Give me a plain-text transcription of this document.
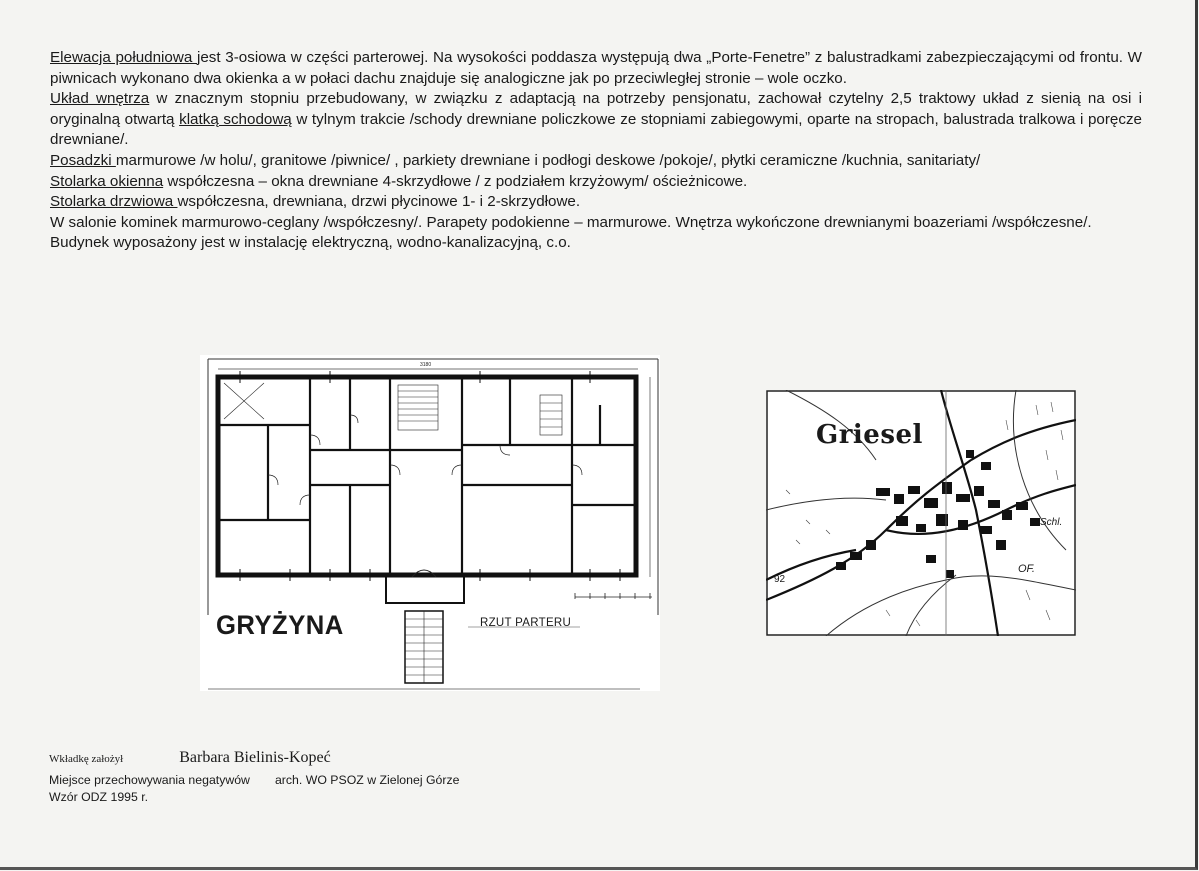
Elewacja południowa jest 3-osiowa w części parterowej. Na wysokości poddasza występują dwa „Porte-Fenetre” z balustradkami zabezpieczającymi od frontu. W piwnicach wykonano dwa okienka a w połaci dachu znajduje się analogiczne jak po przeciwległej stronie – wole oczko.

Układ wnętrza w znacznym stopniu przebudowany, w związku z adaptacją na potrzeby pensjonatu, zachował czytelny 2,5 traktowy układ z sienią na osi i oryginalną otwartą klatką schodową w tylnym trakcie /schody drewniane policzkowe ze stopniami zabiegowymi, oparte na stropach, balustrada tralkowa i poręcze drewniane/.

Posadzki marmurowe /w holu/, granitowe /piwnice/ , parkiety drewniane i podłogi deskowe /pokoje/, płytki ceramiczne /kuchnia, sanitariaty/

Stolarka okienna współczesna – okna drewniane 4-skrzydłowe / z podziałem krzyżowym/ ościeżnicowe.

Stolarka drzwiowa współczesna, drewniana, drzwi płycinowe 1- i 2-skrzydłowe.

W salonie kominek marmurowo-ceglany /współczesny/. Parapety podokienne – marmurowe. Wnętrza wykończone drewnianymi boazeriami /współczesne/.

Budynek wyposażony jest w instalację elektryczną, wodno-kanalizacyjną, c.o.

3180
GRYŻYNA	RZUT PARTERU
Griesel
92
OF.
Schl.
Wkładkę założył	Barbara Bielinis-Kopeć
Miejsce przechowywania negatywów arch. WO PSOZ w Zielonej Górze
Wzór ODZ 1995 r.
